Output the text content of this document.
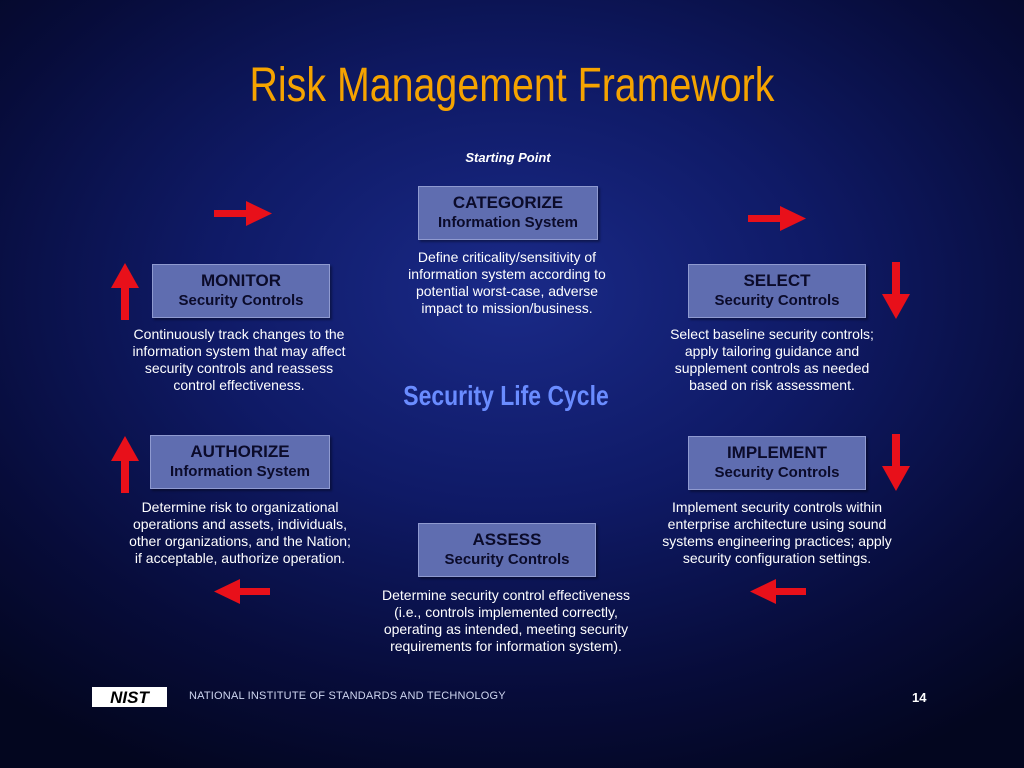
Risk Management Framework
Starting Point
CATEGORIZE
Information System
Define criticality/sensitivity of
information system according to
potential worst-case, adverse
impact to mission/business.
SELECT
Security Controls
Select baseline security controls;
apply tailoring guidance and
supplement controls as needed
based on risk assessment.
IMPLEMENT
Security Controls
Implement security controls within
enterprise architecture using sound
systems engineering practices; apply
security configuration settings.
ASSESS
Security Controls
Determine security control effectiveness
(i.e., controls implemented correctly,
operating as intended, meeting security
requirements for information system).
AUTHORIZE
Information System
Determine risk to organizational
operations and assets, individuals,
other organizations, and the Nation;
if acceptable, authorize operation.
MONITOR
Security Controls
Continuously track changes to the
information system that may affect
security controls and reassess
control effectiveness.	Security Life Cycle
NIST	NATIONAL INSTITUTE OF STANDARDS AND TECHNOLOGY	14
